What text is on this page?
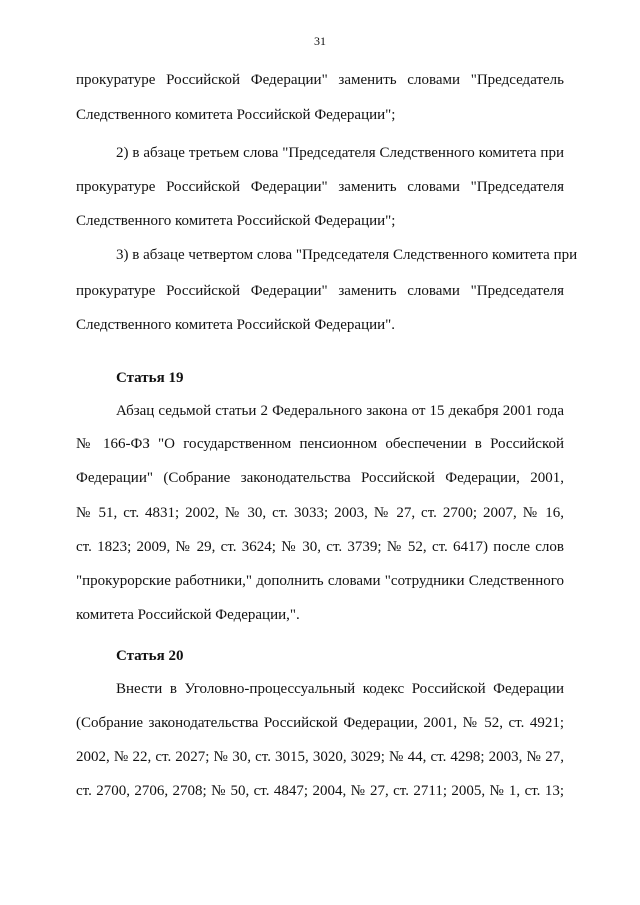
31
прокуратуре Российской Федерации" заменить словами "Председатель
Следственного комитета Российской Федерации";
2) в абзаце третьем слова "Председателя Следственного комитета при
прокуратуре Российской Федерации" заменить словами "Председателя
Следственного комитета Российской Федерации";
3) в абзаце четвертом слова "Председателя Следственного комитета при
прокуратуре Российской Федерации" заменить словами "Председателя
Следственного комитета Российской Федерации".
Статья 19
Абзац седьмой статьи 2 Федерального закона от 15 декабря 2001 года
№ 166-ФЗ "О государственном пенсионном обеспечении в Российской
Федерации" (Собрание законодательства Российской Федерации, 2001,
№ 51, ст. 4831; 2002, № 30, ст. 3033; 2003, № 27, ст. 2700; 2007, № 16,
ст. 1823; 2009, № 29, ст. 3624; № 30, ст. 3739; № 52, ст. 6417) после слов
"прокурорские работники," дополнить словами "сотрудники Следственного
комитета Российской Федерации,".
Статья 20
Внести в Уголовно-процессуальный кодекс Российской Федерации
(Собрание законодательства Российской Федерации, 2001, № 52, ст. 4921;
2002, № 22, ст. 2027; № 30, ст. 3015, 3020, 3029; № 44, ст. 4298; 2003, № 27,
ст. 2700, 2706, 2708; № 50, ст. 4847; 2004, № 27, ст. 2711; 2005, № 1, ст. 13;
